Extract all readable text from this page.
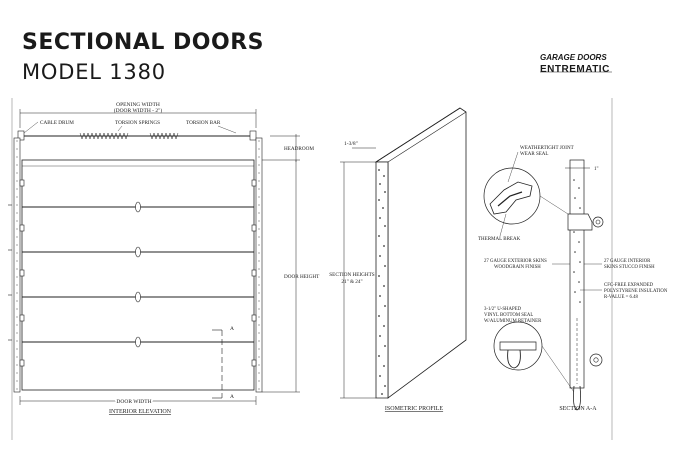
SECTIONAL DOORS
MODEL 1380
GARAGE DOORS
ENTREMATIC
OPENING WIDTH
(DOOR WIDTH - 2")
CABLE DRUM	TORSION SPRINGS	TORSION BAR
A
A
HEADROOM
DOOR HEIGHT
DOOR WIDTH
INTERIOR ELEVATION
1-3/8"
SECTION HEIGHTS
21" & 24"
ISOMETRIC PROFILE
1"
WEATHERTIGHT JOINT
WEAR SEAL
THERMAL BREAK
27 GAUGE EXTERIOR SKINS
WOODGRAIN FINISH
27 GAUGE INTERIOR
SKINS STUCCO FINISH
CFC-FREE EXPANDED
POLYSTYRENE INSULATION
R-VALUE = 6.48
3-1/2" U-SHAPED
VINYL BOTTOM SEAL
W/ALUMINUM RETAINER
SECTION A-A
